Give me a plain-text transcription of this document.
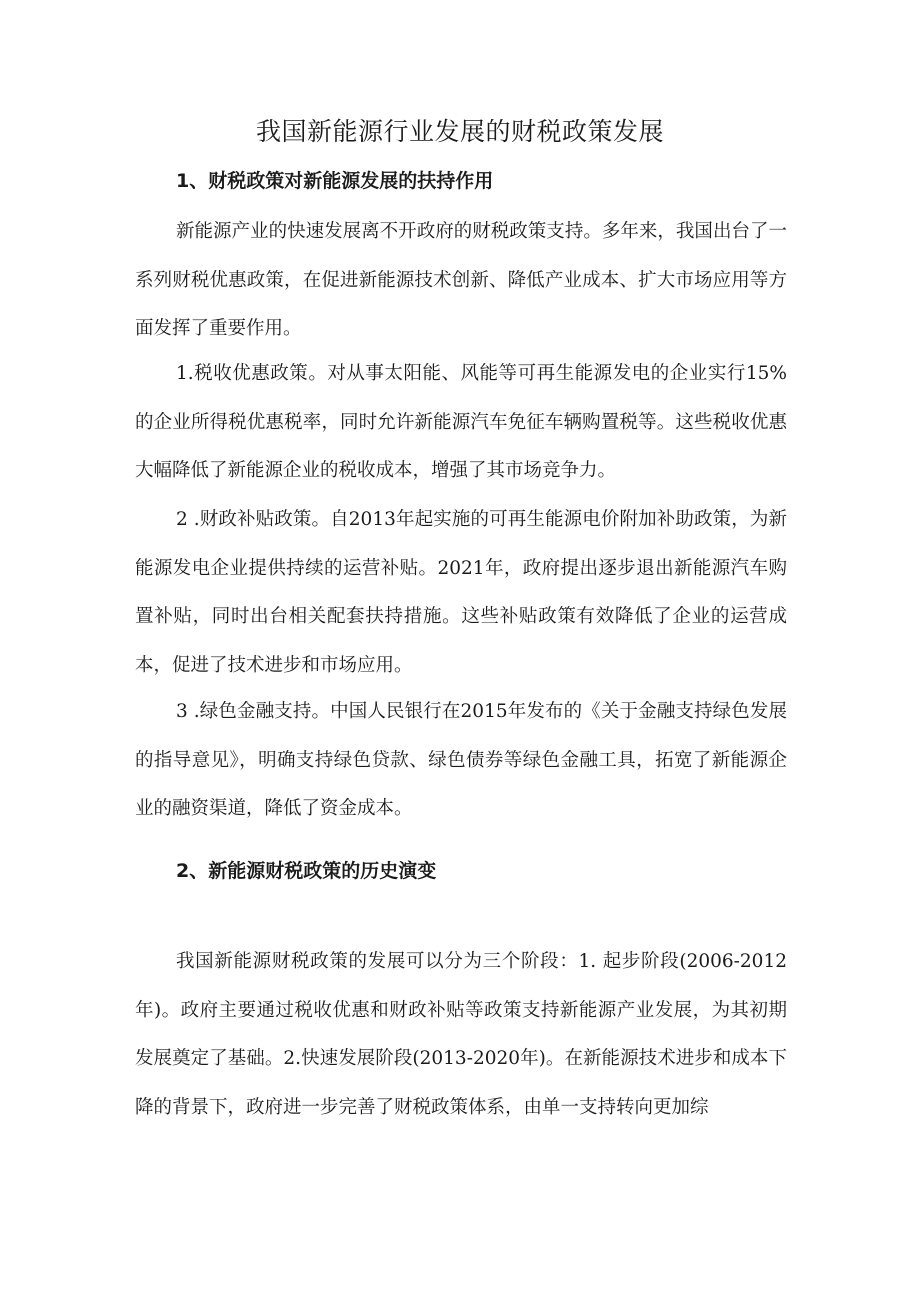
我国新能源行业发展的财税政策发展
1、财税政策对新能源发展的扶持作用

新能源产业的快速发展离不开政府的财税政策支持。多年来，我国出台了一系列财税优惠政策，在促进新能源技术创新、降低产业成本、扩大市场应用等方面发挥了重要作用。

1.税收优惠政策。对从事太阳能、风能等可再生能源发电的企业实行15%的企业所得税优惠税率，同时允许新能源汽车免征车辆购置税等。这些税收优惠大幅降低了新能源企业的税收成本，增强了其市场竞争力。

2 .财政补贴政策。自2013年起实施的可再生能源电价附加补助政策，为新能源发电企业提供持续的运营补贴。2021年，政府提出逐步退出新能源汽车购置补贴，同时出台相关配套扶持措施。这些补贴政策有效降低了企业的运营成本，促进了技术进步和市场应用。

3 .绿色金融支持。中国人民银行在2015年发布的《关于金融支持绿色发展的指导意见》，明确支持绿色贷款、绿色债券等绿色金融工具，拓宽了新能源企业的融资渠道，降低了资金成本。

2、新能源财税政策的历史演变

我国新能源财税政策的发展可以分为三个阶段：1. 起步阶段(2006-2012年)。政府主要通过税收优惠和财政补贴等政策支持新能源产业发展，为其初期发展奠定了基础。2.快速发展阶段(2013-2020年)。在新能源技术进步和成本下降的背景下，政府进一步完善了财税政策体系，由单一支持转向更加综
